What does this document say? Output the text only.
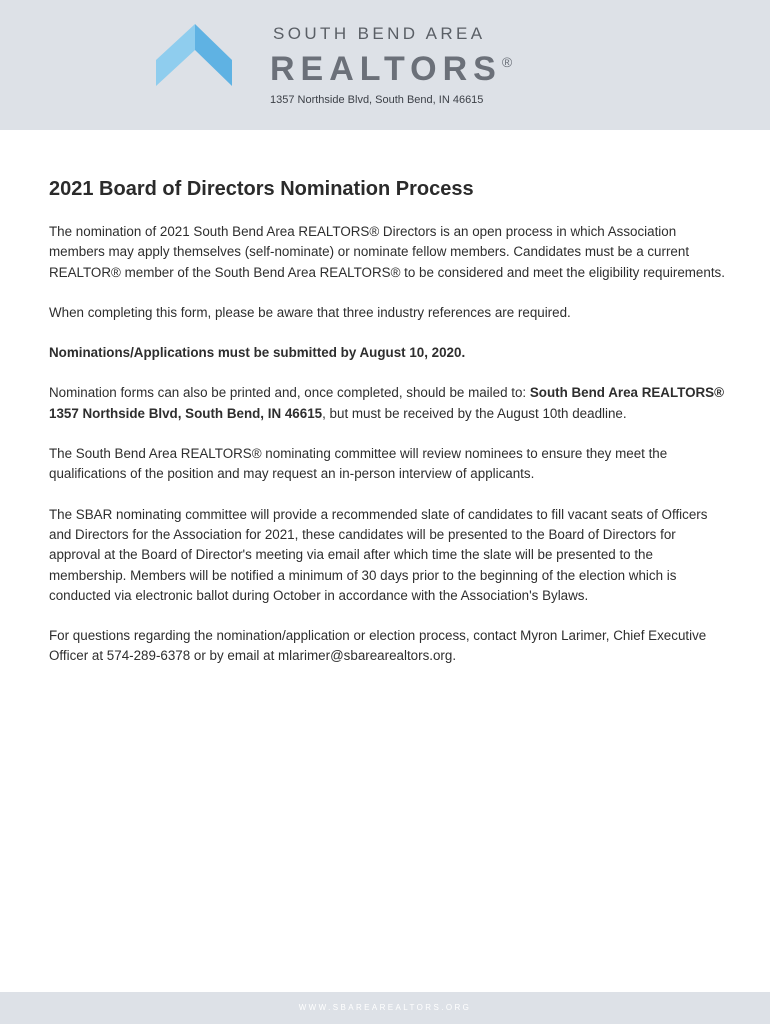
SOUTH BEND AREA
REALTORS®
1357 Northside Blvd, South Bend, IN 46615
2021 Board of Directors Nomination Process

The nomination of 2021 South Bend Area REALTORS® Directors is an open process in which Association members may apply themselves (self-nominate) or nominate fellow members. Candidates must be a current REALTOR® member of the South Bend Area REALTORS® to be considered and meet the eligibility requirements.

When completing this form, please be aware that three industry references are required.

Nominations/Applications must be submitted by August 10, 2020.

Nomination forms can also be printed and, once completed, should be mailed to: South Bend Area REALTORS® 1357 Northside Blvd, South Bend, IN 46615, but must be received by the August 10th deadline.

The South Bend Area REALTORS® nominating committee will review nominees to ensure they meet the qualifications of the position and may request an in-person interview of applicants.

The SBAR nominating committee will provide a recommended slate of candidates to fill vacant seats of Officers and Directors for the Association for 2021, these candidates will be presented to the Board of Directors for approval at the Board of Director's meeting via email after which time the slate will be presented to the membership. Members will be notified a minimum of 30 days prior to the beginning of the election which is conducted via electronic ballot during October in accordance with the Association's Bylaws.

For questions regarding the nomination/application or election process, contact Myron Larimer, Chief Executive Officer at 574-289-6378 or by email at mlarimer@sbarearealtors.org.

WWW.SBAREAREALTORS.ORG
